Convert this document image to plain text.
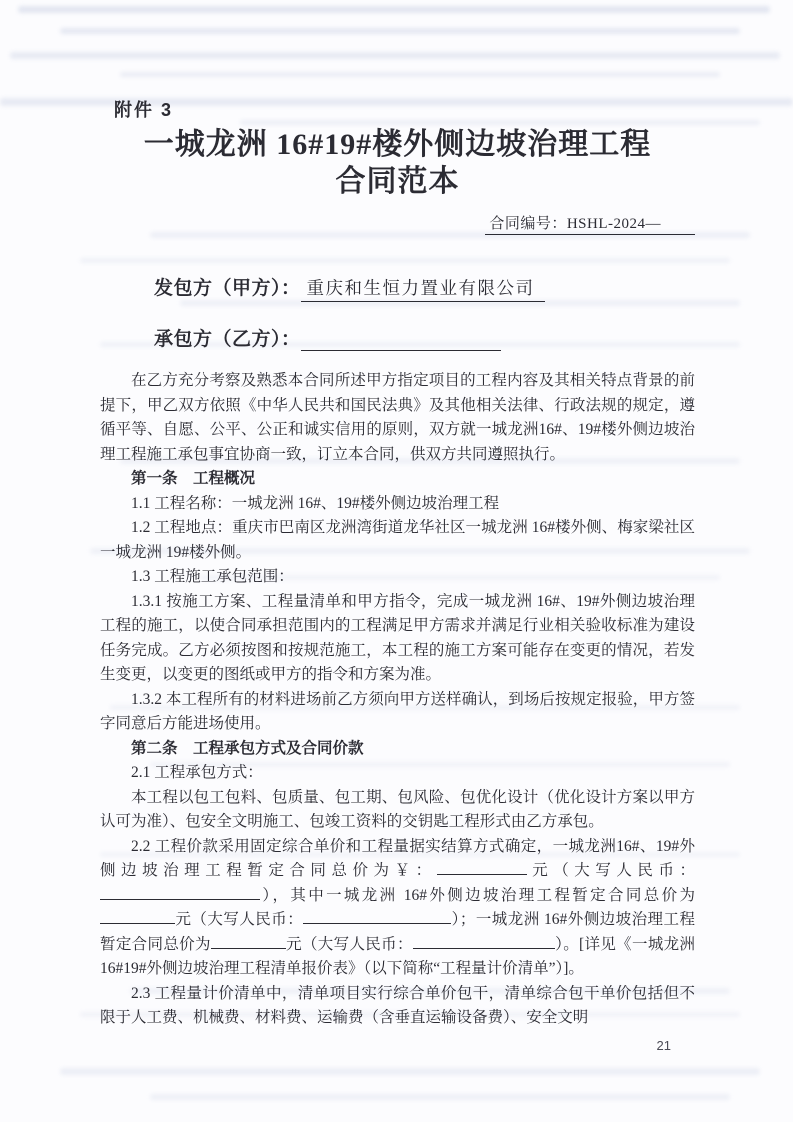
附件 3
一城龙洲 16#19#楼外侧边坡治理工程
合同范本
合同编号：HSHL-2024—
发包方（甲方）： 重庆和生恒力置业有限公司
承包方（乙方）：

在乙方充分考察及熟悉本合同所述甲方指定项目的工程内容及其相关特点背景的前提下，甲乙双方依照《中华人民共和国民法典》及其他相关法律、行政法规的规定，遵循平等、自愿、公平、公正和诚实信用的原则，双方就一城龙洲16#、19#楼外侧边坡治理工程施工承包事宜协商一致，订立本合同，供双方共同遵照执行。

第一条　工程概况

1.1 工程名称：一城龙洲 16#、19#楼外侧边坡治理工程

1.2 工程地点：重庆市巴南区龙洲湾街道龙华社区一城龙洲 16#楼外侧、梅家梁社区一城龙洲 19#楼外侧。

1.3 工程施工承包范围：

1.3.1 按施工方案、工程量清单和甲方指令，完成一城龙洲 16#、19#外侧边坡治理工程的施工，以使合同承担范围内的工程满足甲方需求并满足行业相关验收标准为建设任务完成。乙方必须按图和按规范施工，本工程的施工方案可能存在变更的情况，若发生变更，以变更的图纸或甲方的指令和方案为准。

1.3.2 本工程所有的材料进场前乙方须向甲方送样确认，到场后按规定报验，甲方签字同意后方能进场使用。

第二条　工程承包方式及合同价款

2.1 工程承包方式：

本工程以包工包料、包质量、包工期、包风险、包优化设计（优化设计方案以甲方认可为准）、包安全文明施工、包竣工资料的交钥匙工程形式由乙方承包。

2.2 工程价款采用固定综合单价和工程量据实结算方式确定，一城龙洲16#、19#外侧边坡治理工程暂定合同总价为￥：	元（大写人民币：），其中一城龙洲 16#外侧边坡治理工程暂定合同总价为元（大写人民币：	）；一城龙洲 16#外侧边坡治理工程暂定合同总价为	元（大写人民币：	）。[详见《一城龙洲 16#19#外侧边坡治理工程清单报价表》（以下简称“工程量计价清单”）]。

2.3 工程量计价清单中，清单项目实行综合单价包干，清单综合包干单价包括但不限于人工费、机械费、材料费、运输费（含垂直运输设备费）、安全文明

21
